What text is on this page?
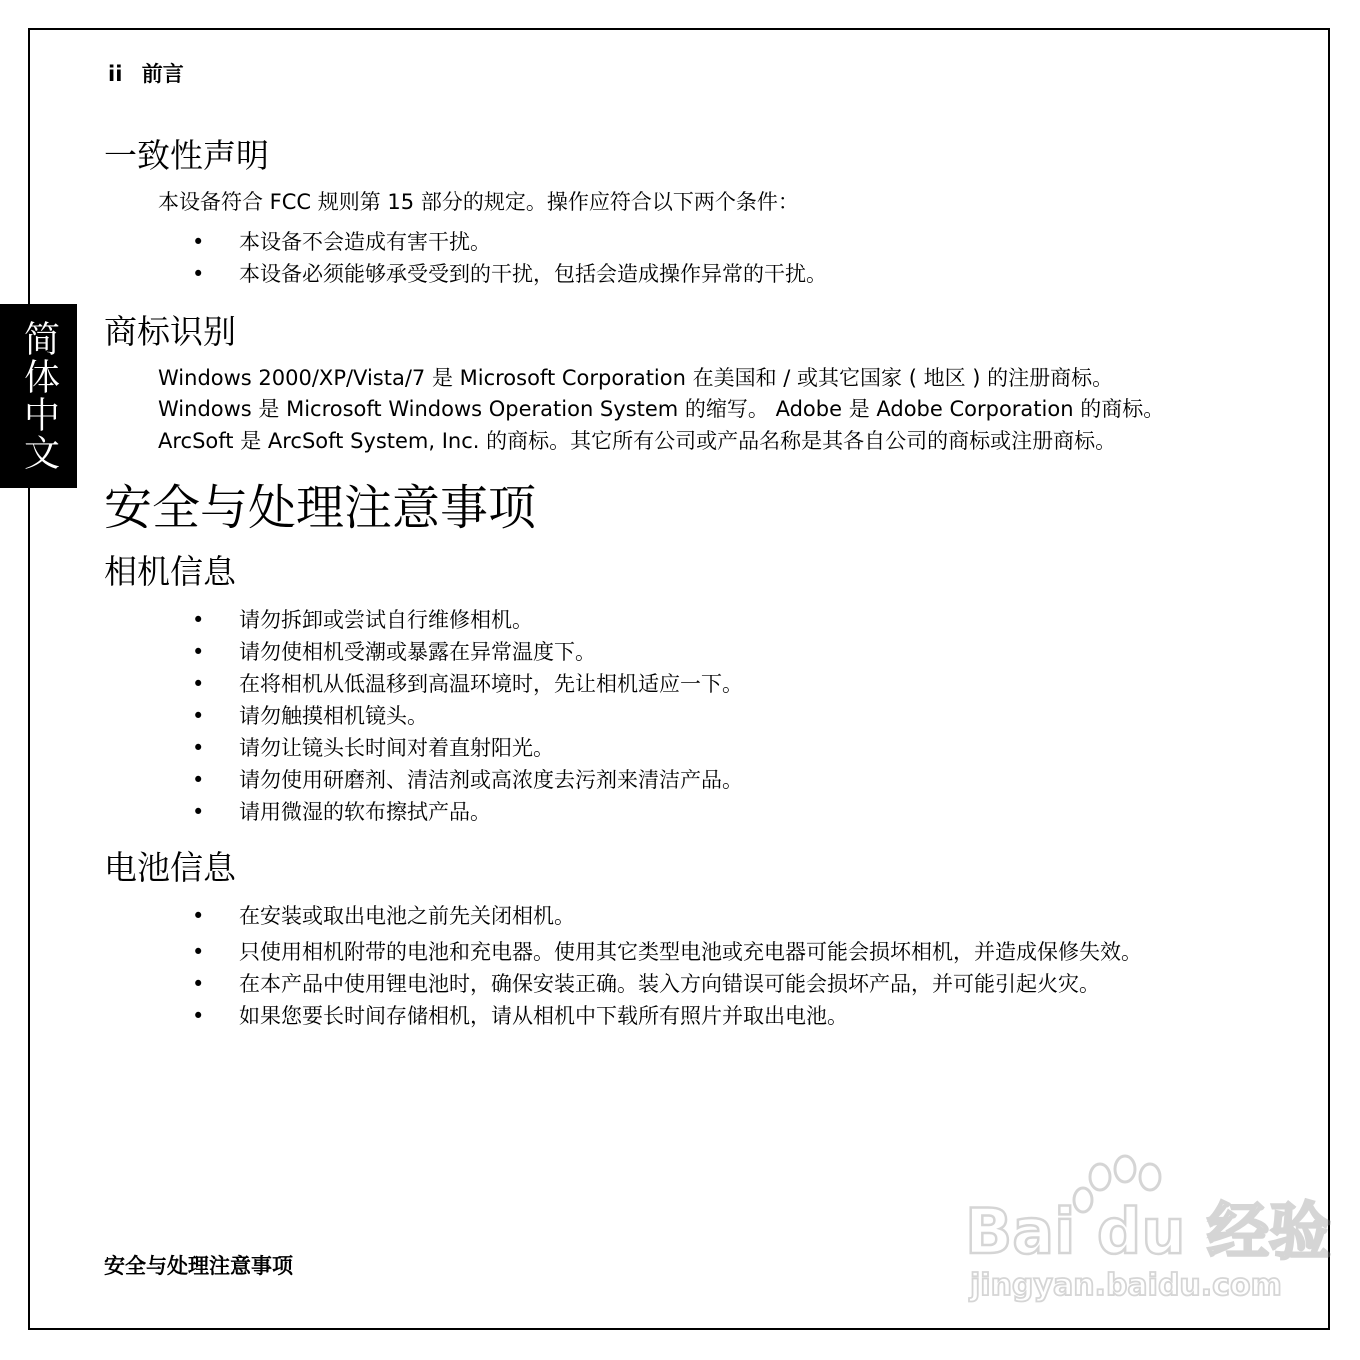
ii 前言
简体中文
一致性声明
本设备符合 FCC 规则第 15 部分的规定。操作应符合以下两个条件：
• 本设备不会造成有害干扰。
• 本设备必须能够承受受到的干扰，包括会造成操作异常的干扰。
商标识别
Windows 2000/XP/Vista/7 是 Microsoft Corporation 在美国和 / 或其它国家 ( 地区 ) 的注册商标。
Windows 是 Microsoft Windows Operation System 的缩写。 Adobe 是 Adobe Corporation 的商标。
ArcSoft 是 ArcSoft System, Inc. 的商标。其它所有公司或产品名称是其各自公司的商标或注册商标。
安全与处理注意事项
相机信息
• 请勿拆卸或尝试自行维修相机。
• 请勿使相机受潮或暴露在异常温度下。
• 在将相机从低温移到高温环境时，先让相机适应一下。
• 请勿触摸相机镜头。
• 请勿让镜头长时间对着直射阳光。
• 请勿使用研磨剂、清洁剂或高浓度去污剂来清洁产品。
• 请用微湿的软布擦拭产品。
电池信息
• 在安装或取出电池之前先关闭相机。
• 只使用相机附带的电池和充电器。使用其它类型电池或充电器可能会损坏相机，并造成保修失效。
• 在本产品中使用锂电池时，确保安装正确。装入方向错误可能会损坏产品，并可能引起火灾。
• 如果您要长时间存储相机，请从相机中下载所有照片并取出电池。
安全与处理注意事项	Bai du 经验
jingyan.baidu.com
